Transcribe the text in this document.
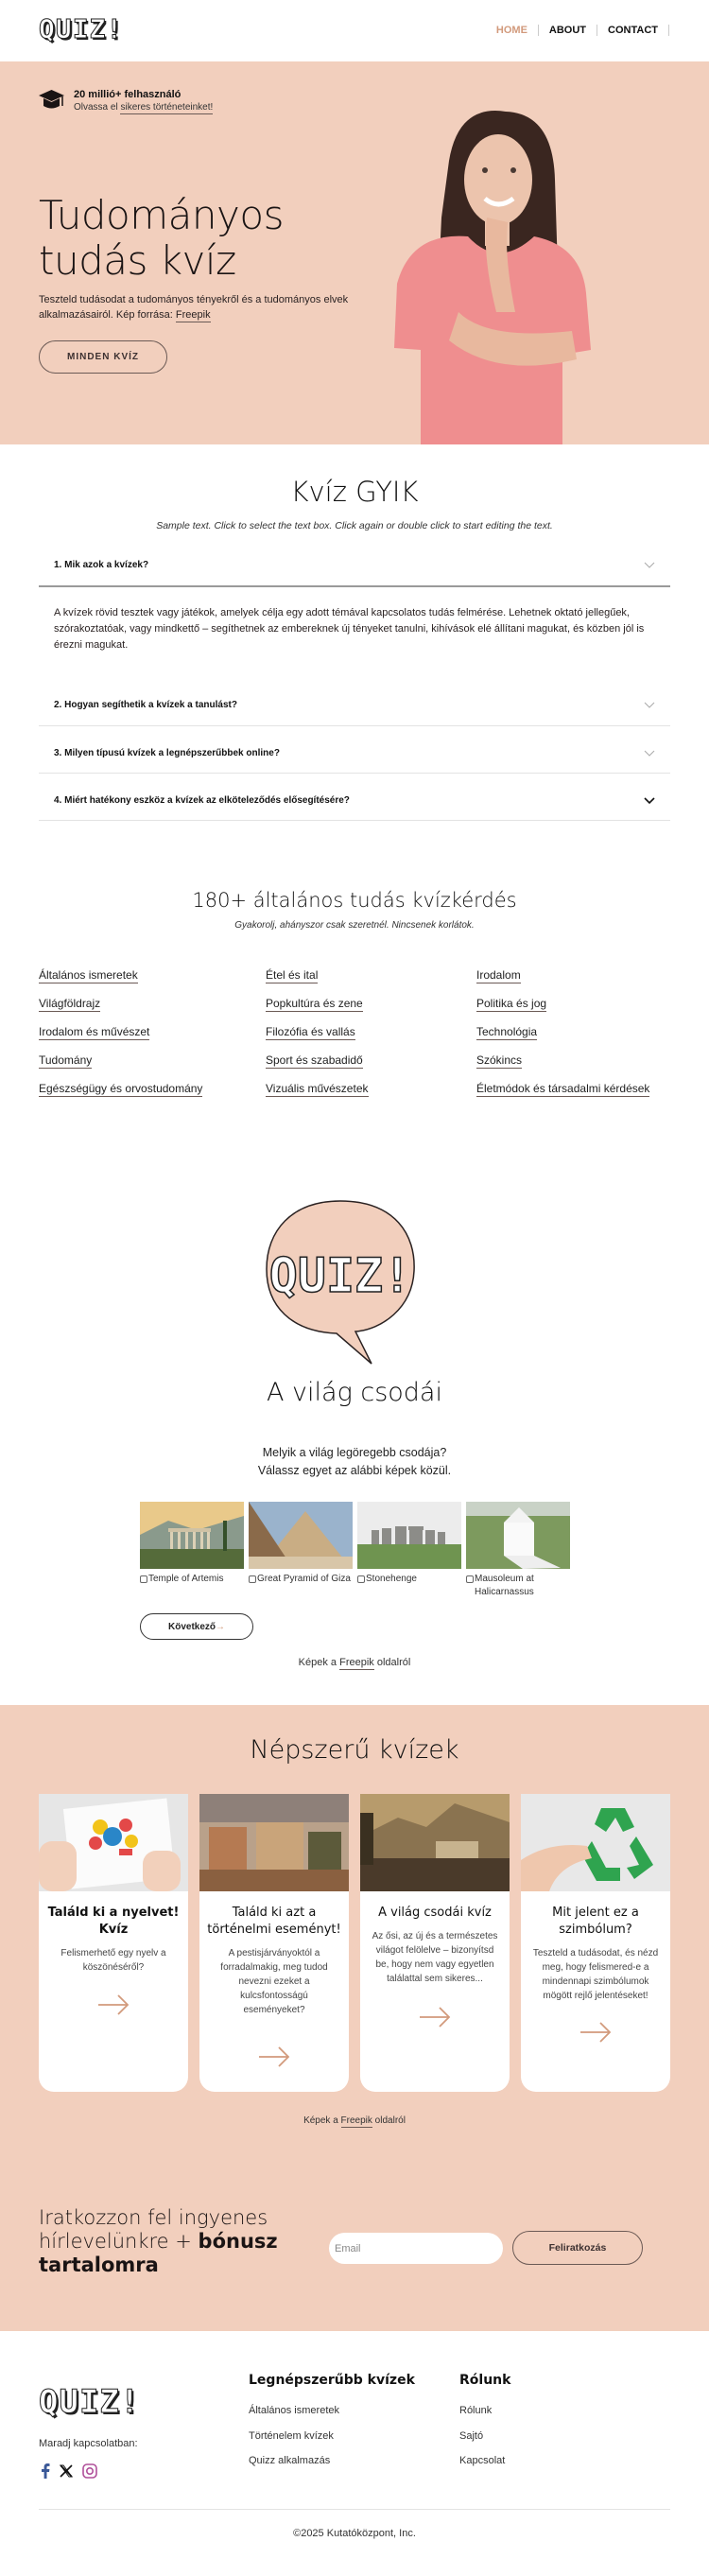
QUIZ!	HOME	ABOUT	CONTACT
20 millió+ felhasználó
Olvassa el sikeres történeteinket!
Tudományos
tudás kvíz

Teszteld tudásodat a tudományos tényekről és a tudományos elvek alkalmazásairól. Kép forrása: Freepik

MINDEN KVÍZ
Kvíz GYIK

Sample text. Click to select the text box. Click again or double click to start editing the text.

1. Mik azok a kvízek?

A kvízek rövid tesztek vagy játékok, amelyek célja egy adott témával kapcsolatos tudás felmérése. Lehetnek oktató jellegűek, szórakoztatóak, vagy mindkettő – segíthetnek az embereknek új tényeket tanulni, kihívások elé állítani magukat, és közben jól is érezni magukat.

2. Hogyan segíthetik a kvízek a tanulást?
3. Milyen típusú kvízek a legnépszerűbbek online?
4. Miért hatékony eszköz a kvízek az elköteleződés elősegítésére?
180+ általános tudás kvízkérdés

Gyakorolj, ahányszor csak szeretnél. Nincsenek korlátok.

Általános ismeretek
Világföldrajz
Irodalom és művészet
Tudomány
Egészségügy és orvostudomány
Étel és ital
Popkultúra és zene
Filozófia és vallás
Sport és szabadidő
Vizuális művészetek
Irodalom
Politika és jog
Technológia
Szókincs
Életmódok és társadalmi kérdések
QUIZ!
A világ csodái

Melyik a világ legöregebb csodája?
Válassz egyet az alábbi képek közül.

Temple of Artemis	Great Pyramid of Giza Stonehenge	Mausoleum at Halicarnassus
Következő →

Képek a Freepik oldalról

Népszerű kvízek
Találd ki a nyelvet! Kvíz
Felismerhető egy nyelv a köszönéséről?
Találd ki azt a történelmi eseményt!
A pestisjárványoktól a forradalmakig, meg tudod nevezni ezeket a kulcsfontosságú eseményeket?
A világ csodái kvíz
Az ősi, az új és a természetes világot felölelve – bizonyítsd be, hogy nem vagy egyetlen találattal sem sikeres...
Mit jelent ez a szimbólum?
Teszteld a tudásodat, és nézd meg, hogy felismered-e a mindennapi szimbólumok mögött rejlő jelentéseket!

Képek a Freepik oldalról

Iratkozzon fel ingyenes hírlevelünkre + bónusz tartalomra
Email	Feliratkozás
QUIZ!

Maradj kapcsolatban:

Legnépszerűbb kvízek
Általános ismeretek
Történelem kvízek
Quizz alkalmazás
Rólunk
Rólunk
Sajtó
Kapcsolat

©2025 Kutatóközpont, Inc.
